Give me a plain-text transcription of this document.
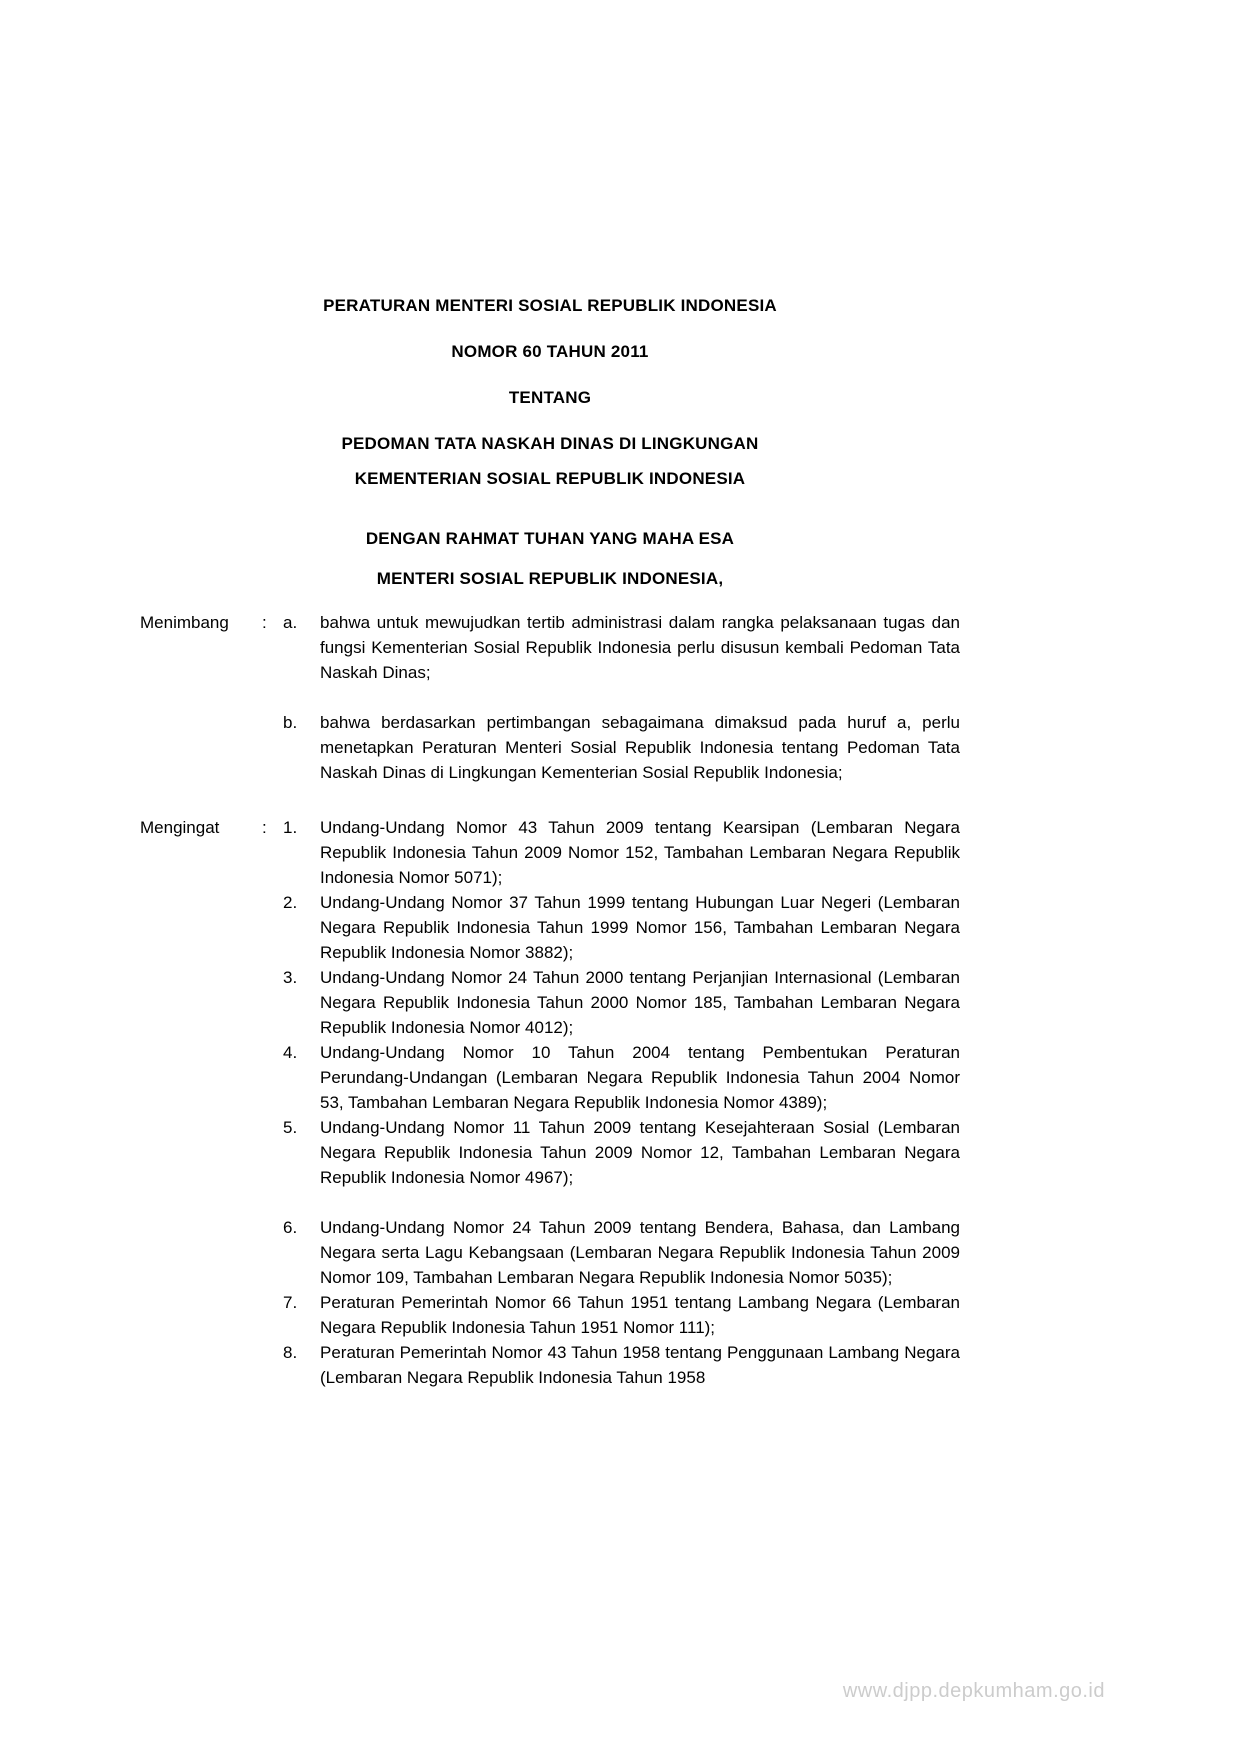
PERATURAN MENTERI SOSIAL REPUBLIK INDONESIA
NOMOR 60 TAHUN 2011
TENTANG
PEDOMAN TATA NASKAH DINAS DI LINGKUNGAN
KEMENTERIAN SOSIAL REPUBLIK INDONESIA
DENGAN RAHMAT TUHAN YANG MAHA ESA
MENTERI SOSIAL REPUBLIK INDONESIA,
Menimbang	: a.	bahwa untuk mewujudkan tertib administrasi dalam rangka pelaksanaan tugas dan fungsi Kementerian Sosial Republik Indonesia perlu disusun kembali Pedoman Tata Naskah Dinas;
b.	bahwa berdasarkan pertimbangan sebagaimana dimaksud pada huruf a, perlu menetapkan Peraturan Menteri Sosial Republik Indonesia tentang Pedoman Tata Naskah Dinas di Lingkungan Kementerian Sosial Republik Indonesia;
Mengingat	: 1.	Undang-Undang Nomor 43 Tahun 2009 tentang Kearsipan (Lembaran Negara Republik Indonesia Tahun 2009 Nomor 152, Tambahan Lembaran Negara Republik Indonesia Nomor 5071);
2.	Undang-Undang Nomor 37 Tahun 1999 tentang Hubungan Luar Negeri (Lembaran Negara Republik Indonesia Tahun 1999 Nomor 156, Tambahan Lembaran Negara Republik Indonesia Nomor 3882);
3.	Undang-Undang Nomor 24 Tahun 2000 tentang Perjanjian Internasional (Lembaran Negara Republik Indonesia Tahun 2000 Nomor 185, Tambahan Lembaran Negara Republik Indonesia Nomor 4012);
4.	Undang-Undang Nomor 10 Tahun 2004 tentang Pembentukan Peraturan Perundang-Undangan (Lembaran Negara Republik Indonesia Tahun 2004 Nomor 53, Tambahan Lembaran Negara Republik Indonesia Nomor 4389);
5.	Undang-Undang Nomor 11 Tahun 2009 tentang Kesejahteraan Sosial (Lembaran Negara Republik Indonesia Tahun 2009 Nomor 12, Tambahan Lembaran Negara Republik Indonesia Nomor 4967);
6.	Undang-Undang Nomor 24 Tahun 2009 tentang Bendera, Bahasa, dan Lambang Negara serta Lagu Kebangsaan (Lembaran Negara Republik Indonesia Tahun 2009 Nomor 109, Tambahan Lembaran Negara Republik Indonesia Nomor 5035);
7.	Peraturan Pemerintah Nomor 66 Tahun 1951 tentang Lambang Negara (Lembaran Negara Republik Indonesia Tahun 1951 Nomor 111);
8.	Peraturan Pemerintah Nomor 43 Tahun 1958 tentang Penggunaan Lambang Negara (Lembaran Negara Republik Indonesia Tahun 1958
www.djpp.depkumham.go.id
